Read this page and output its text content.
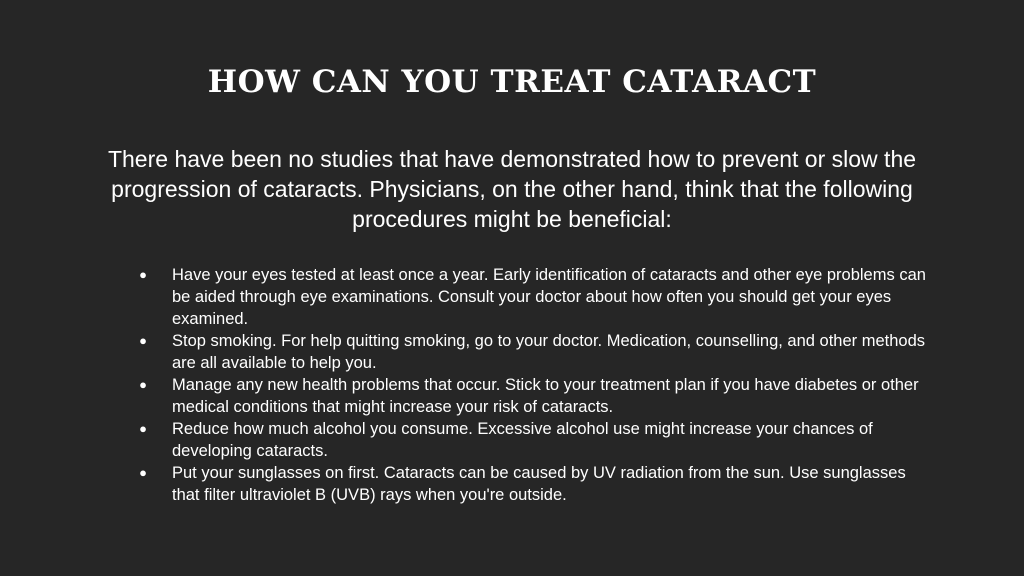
HOW CAN YOU TREAT CATARACT

There have been no studies that have demonstrated how to prevent or slow the progression of cataracts. Physicians, on the other hand, think that the following procedures might be beneficial:

● Have your eyes tested at least once a year. Early identification of cataracts and other eye problems can be aided through eye examinations. Consult your doctor about how often you should get your eyes examined.
● Stop smoking. For help quitting smoking, go to your doctor. Medication, counselling, and other methods are all available to help you.
● Manage any new health problems that occur. Stick to your treatment plan if you have diabetes or other medical conditions that might increase your risk of cataracts.
● Reduce how much alcohol you consume. Excessive alcohol use might increase your chances of developing cataracts.
● Put your sunglasses on first. Cataracts can be caused by UV radiation from the sun. Use sunglasses that filter ultraviolet B (UVB) rays when you're outside.
